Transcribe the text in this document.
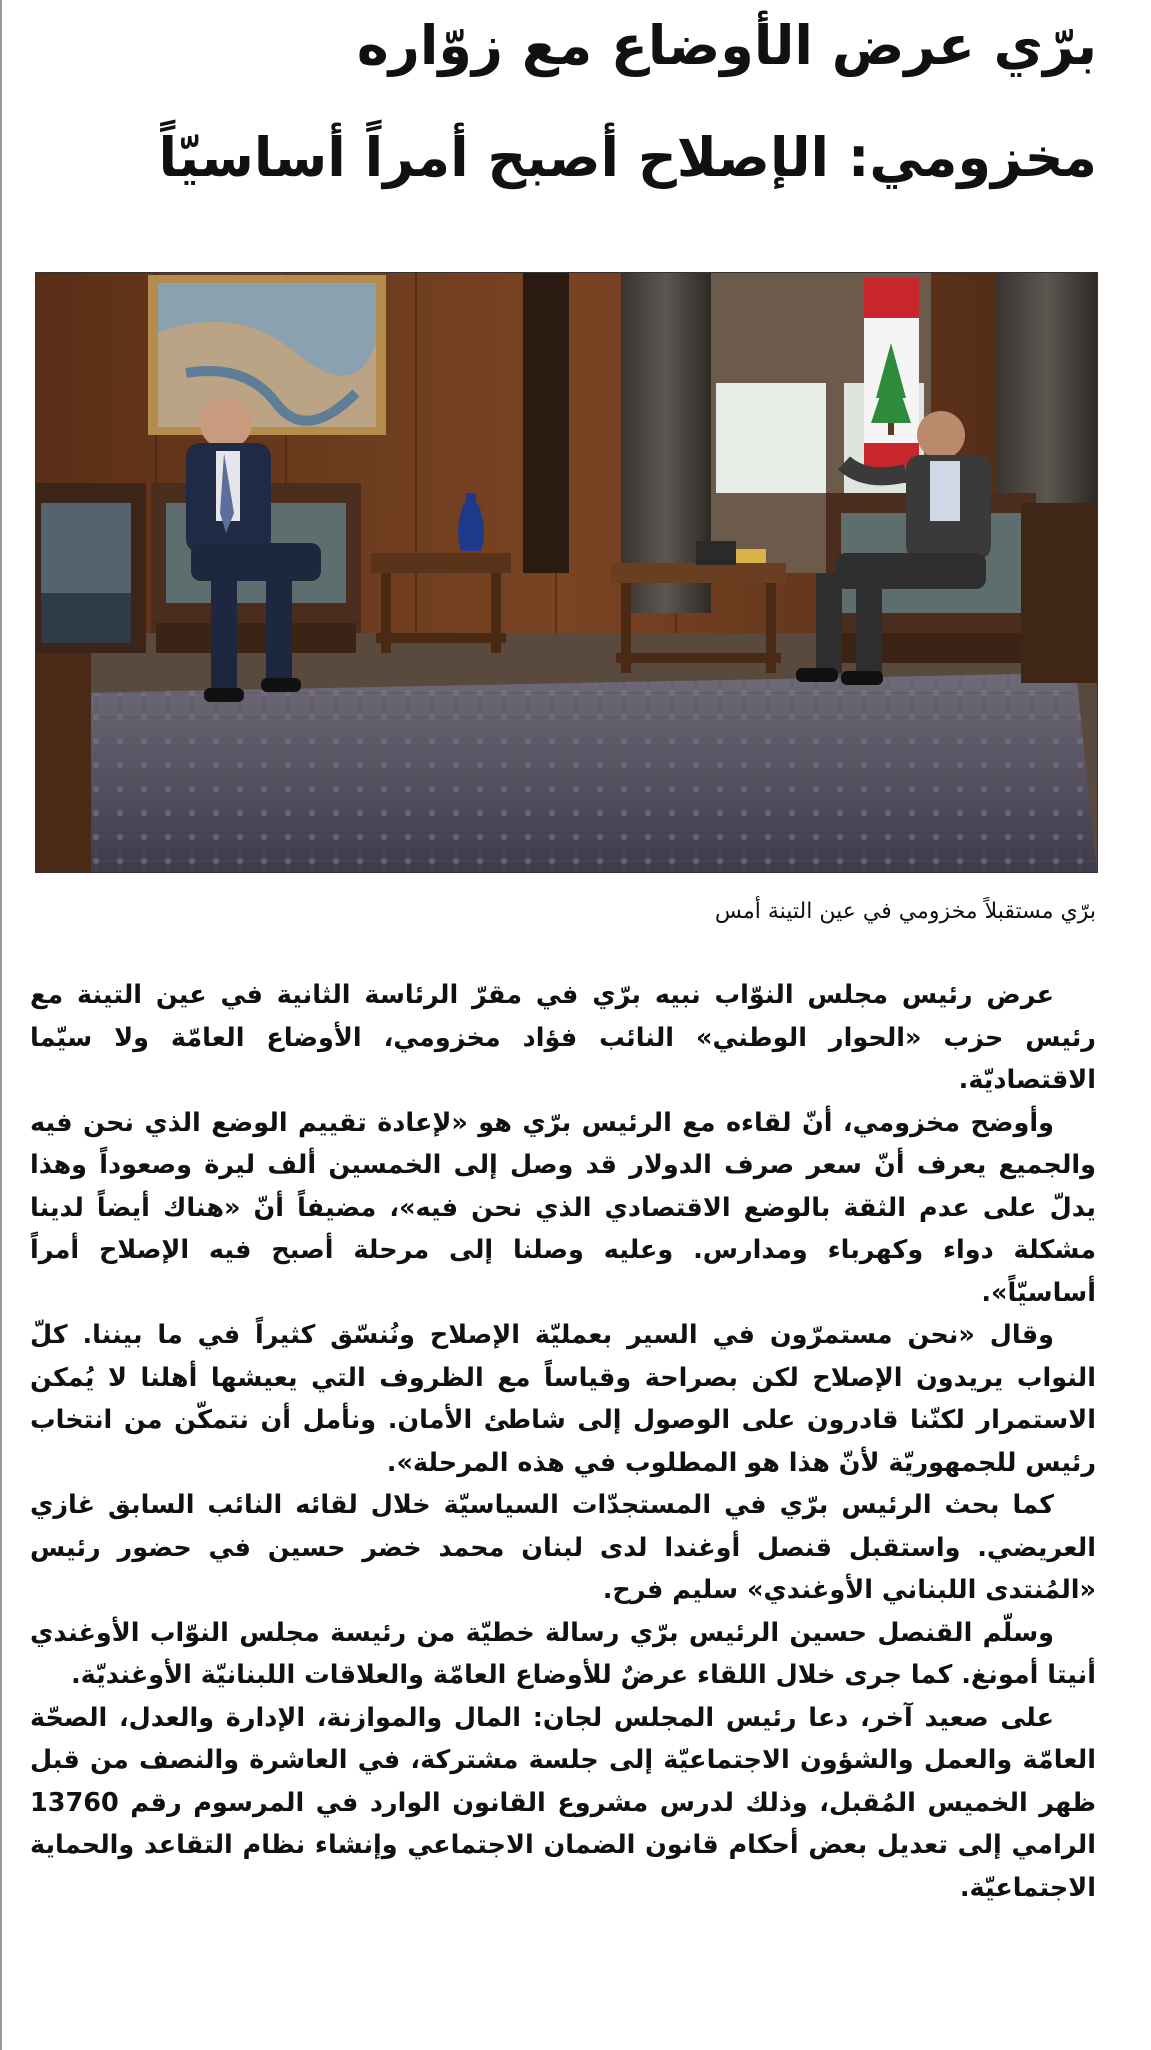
برّي عرض الأوضاع مع زوّاره
مخزومي: الإصلاح أصبح أمراً أساسيّاً

برّي مستقبلاً مخزومي في عين التينة أمس

عرض رئيس مجلس النوّاب نبيه برّي في مقرّ الرئاسة الثانية في عين التينة مع رئيس حزب «الحوار الوطني» النائب فؤاد مخزومي، الأوضاع العامّة ولا سيّما الاقتصاديّة.

وأوضح مخزومي، أنّ لقاءه مع الرئيس برّي هو «لإعادة تقييم الوضع الذي نحن فيه والجميع يعرف أنّ سعر صرف الدولار قد وصل إلى الخمسين ألف ليرة وصعوداً وهذا يدلّ على عدم الثقة بالوضع الاقتصادي الذي نحن فيه»، مضيفاً أنّ «هناك أيضاً لدينا مشكلة دواء وكهرباء ومدارس. وعليه وصلنا إلى مرحلة أصبح فيه الإصلاح أمراً أساسيّاً».

وقال «نحن مستمرّون في السير بعمليّة الإصلاح ونُنسّق كثيراً في ما بيننا. كلّ النواب يريدون الإصلاح لكن بصراحة وقياساً مع الظروف التي يعيشها أهلنا لا يُمكن الاستمرار لكنّنا قادرون على الوصول إلى شاطئ الأمان. ونأمل أن نتمكّن من انتخاب رئيس للجمهوريّة لأنّ هذا هو المطلوب في هذه المرحلة».

كما بحث الرئيس برّي في المستجدّات السياسيّة خلال لقائه النائب السابق غازي العريضي. واستقبل قنصل أوغندا لدى لبنان محمد خضر حسين في حضور رئيس «المُنتدى اللبناني الأوغندي» سليم فرح.

وسلّم القنصل حسين الرئيس برّي رسالة خطيّة من رئيسة مجلس النوّاب الأوغندي أنيتا أمونغ. كما جرى خلال اللقاء عرضٌ للأوضاع العامّة والعلاقات اللبنانيّة الأوغنديّة.

على صعيد آخر، دعا رئيس المجلس لجان: المال والموازنة، الإدارة والعدل، الصحّة العامّة والعمل والشؤون الاجتماعيّة إلى جلسة مشتركة، في العاشرة والنصف من قبل ظهر الخميس المُقبل، وذلك لدرس مشروع القانون الوارد في المرسوم رقم 13760 الرامي إلى تعديل بعض أحكام قانون الضمان الاجتماعي وإنشاء نظام التقاعد والحماية الاجتماعيّة.
